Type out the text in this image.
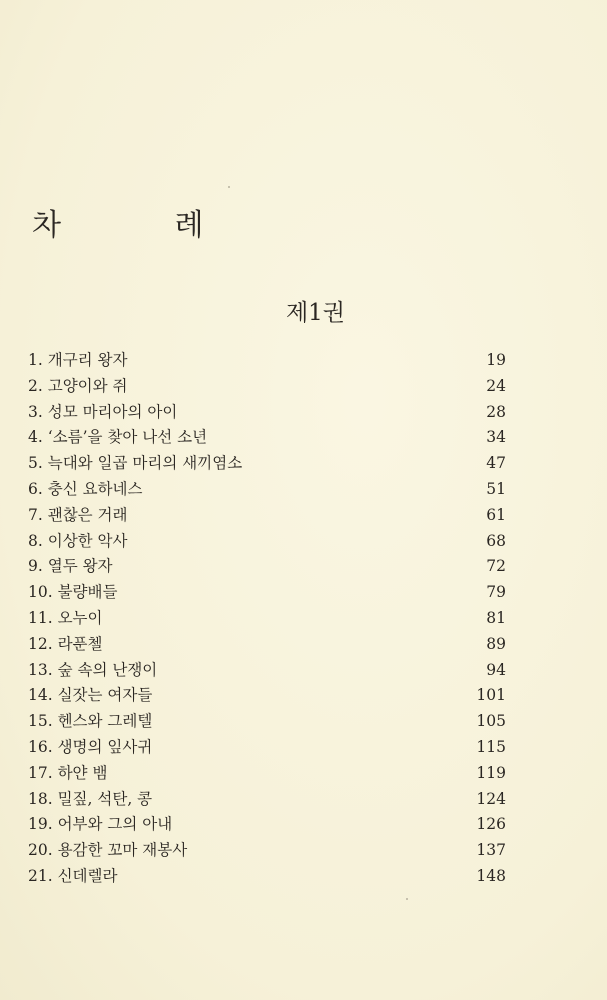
차 례
제1권
1. 개구리 왕자	19
2. 고양이와 쥐	24
3. 성모 마리아의 아이	28
4. ‘소름’을 찾아 나선 소년	34
5. 늑대와 일곱 마리의 새끼염소	47
6. 충신 요하네스	51
7. 괜찮은 거래	61
8. 이상한 악사	68
9. 열두 왕자	72
10. 불량배들	79
11. 오누이	81
12. 라푼첼	89
13. 숲 속의 난쟁이	94
14. 실잣는 여자들	101
15. 헨스와 그레텔	105
16. 생명의 잎사귀	115
17. 하얀 뱀	119
18. 밀짚, 석탄, 콩	124
19. 어부와 그의 아내	126
20. 용감한 꼬마 재봉사	137
21. 신데렐라	148
